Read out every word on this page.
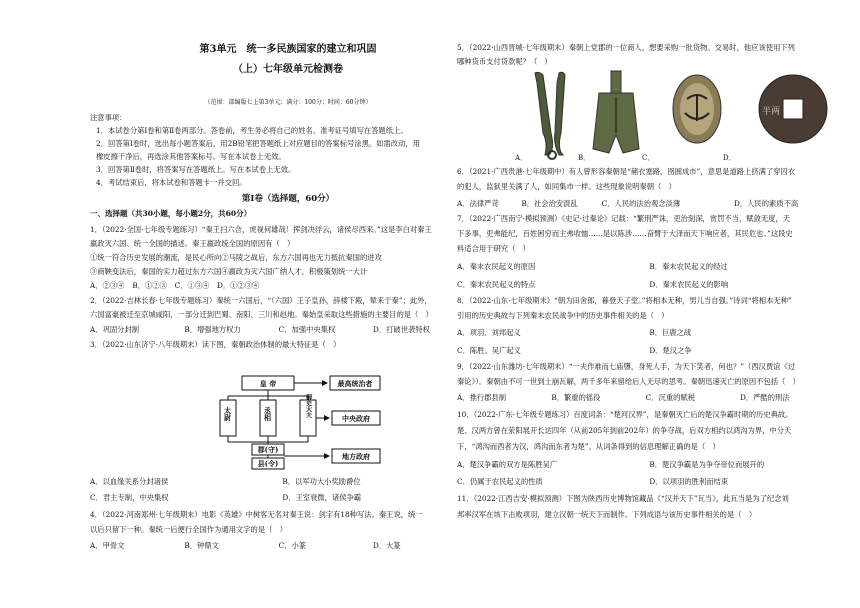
第3单元　统一多民族国家的建立和巩固
（上）七年级单元检测卷
（范围：部编版七上第3单元；满分：100分；时间：60分钟）
注意事项：
1．本试卷分第Ⅰ卷和第Ⅱ卷两部分。答卷前，考生务必将自己的姓名、准考证号填写在答题纸上。
2．回答第Ⅰ卷时，选出每小题答案后，用2B铅笔把答题纸上对应题目的答案标号涂黑。如需改动，用
橡皮擦干净后，再选涂其他答案标号。写在本试卷上无效。
3．回答第Ⅱ卷时，将答案写在答题纸上。写在本试卷上无效。
4．考试结束后，将本试卷和答题卡一并交回。
第Ⅰ卷（选择题，60分）
一、选择题（共30小题，每小题2分，共60分）
1．（2022·全国·七年级专题练习）“秦王扫六合，虎视何雄哉！挥剑决浮云，诸侯尽西来。”这是李白对秦王
嬴政灭六国、统一全国的描述。秦王嬴政统全国的原因有（　）
①统一符合历史发展的潮流，是民心所向②马陵之战后，东方六国再也无力抵抗秦国的进攻
③商鞅变法后，秦国的实力超过东方六国④嬴政为灭六国广纳人才，积极策划统一大计
A．②③④ B．①②③ C．①③④ D．①②③④
2．（2022·吉林长春·七年级专题练习）秦统一六国后，“（六国）王子皇孙，辞楼下殿，辇来于秦”；此外，
六国富豪被迁至京城咸阳，一部分迁到巴蜀、南阳、三川和赵地。秦始皇采取这些措施的主要目的是（　）
A．巩固分封制	B．增强地方权力	C．加强中央集权	D．打破世袭特权
3．（2022·山东济宁·八年级期末）读下图，秦朝政治体制的最大特征是（　）
皇 帝	最高统治者
太尉	丞相	御史大夫
中央政府
郡(守)
县(令)
地方政府
A．以血缘关系分封诸侯	B．以军功大小奖励爵位
C．君主专制，中央集权	D．王室衰微，诸侯争霸
4．（2022·河南郑州·七年级期末）电影《英雄》中树客无名对秦王说：剑字有18种写法。秦王说，统一
以后只留下一种。秦统一后便行全国作为通用文字的是（　）
A．甲骨文	B．钟鼎文	C．小篆	D．大篆
5．（2022·山西晋城·七年级期末）秦朝上党郡的一位商人，想要采购一批货物。交易时，他应该使用下列
哪种货币支付货款呢？（　）
半两
A．	B．	C．	D．
6．（2021·广西贵港·七年级期中）有人曾形容秦朝是“赭衣塞路，囹圄成市”，意思是道路上挤满了穿囚衣
的犯人，监狱里关满了人，如同集市一样。这些现象说明秦朝（　）
A．法律严苛	B．社会治安混乱	C．人民的法治观念淡薄	D．人民的素质不高
7．（2022·广西南宁·模拟预测）《史记·过秦论》记载：“繁刑严诛，吏治刻深，赏罚不当，赋敛无度，天
下多事，吏弗能纪，百姓困穷而主弗收恤……是以陈涉……奋臂于大泽而天下响应者，其民危也。”这段史
料适合用于研究（　）
A．秦末农民起义的原因	B．秦末农民起义的经过
C．秦末农民起义的特点	D．秦末农民起义的影响
8．（2022·山东·七年级期末）“朝为田舍郎，暮登天子堂。”将相本无种，男儿当自强。”诗词“将相本无种”
引用的历史典故与下列秦末农民战争中的历史事件相关的是（　）
A．项羽、刘邦起义	B．巨鹿之战
C．陈胜、吴广起义	D．楚汉之争
9．（2022·山东潍坊·七年级期末）“一夫作难而七庙隳，身死人手，为天下笑者，何也？”（西汉贾谊《过
秦论》）。秦朝由不可一世到土崩瓦解，两千多年来留给后人无尽的思考。秦朝迅速灭亡的原因不包括（　）
A．推行郡县制	B．繁重的徭役	C．沉重的赋税	D．严酷的刑法
10．（2022·广东·七年级专题练习）百度词条：“楚河汉界”，是秦朝灭亡后的楚汉争霸时期的历史典故。
楚、汉两方曾在荥阳展开长达四年（从前205年到前202年）的争夺战，后双方相约以鸿沟为界，中分天
下，“鸿沟而西者为汉，鸿沟而东者为楚”。从词条得到的信息理解正确的是（　）
A．楚汉争霸的双方是陈胜吴广	B．楚汉争霸是为争夺帝位而展开的
C．仍属于农民起义的性质	D．以项羽的胜利而结束
11．（2022·江西吉安·模拟预测）下图为陕西历史博物馆藏品《“汉并天下”瓦当》，此瓦当是为了纪念刘
邦率汉军在垓下击败项羽，建立汉朝一统天下而制作。下列成语与该历史事件相关的是（　）
